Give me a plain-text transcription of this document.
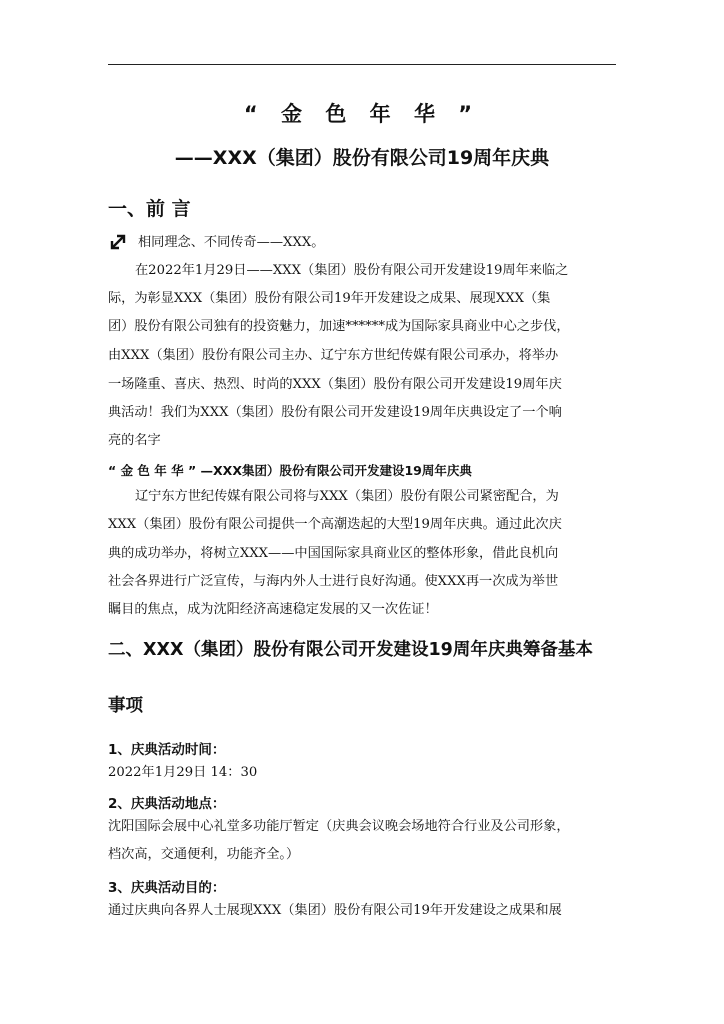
“ 金 色 年 华 ”
——XXX（集团）股份有限公司19周年庆典
一、前 言
相同理念、不同传奇——XXX。
在2022年1月29日——XXX（集团）股份有限公司开发建设19周年来临之
际，为彰显XXX（集团）股份有限公司19年开发建设之成果、展现XXX（集
团）股份有限公司独有的投资魅力，加速******成为国际家具商业中心之步伐，
由XXX（集团）股份有限公司主办、辽宁东方世纪传媒有限公司承办，将举办
一场隆重、喜庆、热烈、时尚的XXX（集团）股份有限公司开发建设19周年庆
典活动！我们为XXX（集团）股份有限公司开发建设19周年庆典设定了一个响
亮的名字
“ 金 色 年 华 ” —XXX集团）股份有限公司开发建设19周年庆典
辽宁东方世纪传媒有限公司将与XXX（集团）股份有限公司紧密配合，为
XXX（集团）股份有限公司提供一个高潮迭起的大型19周年庆典。通过此次庆
典的成功举办，将树立XXX——中国国际家具商业区的整体形象，借此良机向
社会各界进行广泛宣传，与海内外人士进行良好沟通。使XXX再一次成为举世
瞩目的焦点，成为沈阳经济高速稳定发展的又一次佐证！
二、XXX（集团）股份有限公司开发建设19周年庆典筹备基本
事项
1、庆典活动时间：
2022年1月29日 14：30
2、庆典活动地点：
沈阳国际会展中心礼堂多功能厅暂定（庆典会议晚会场地符合行业及公司形象，
档次高，交通便利，功能齐全。）
3、庆典活动目的：
通过庆典向各界人士展现XXX（集团）股份有限公司19年开发建设之成果和展
